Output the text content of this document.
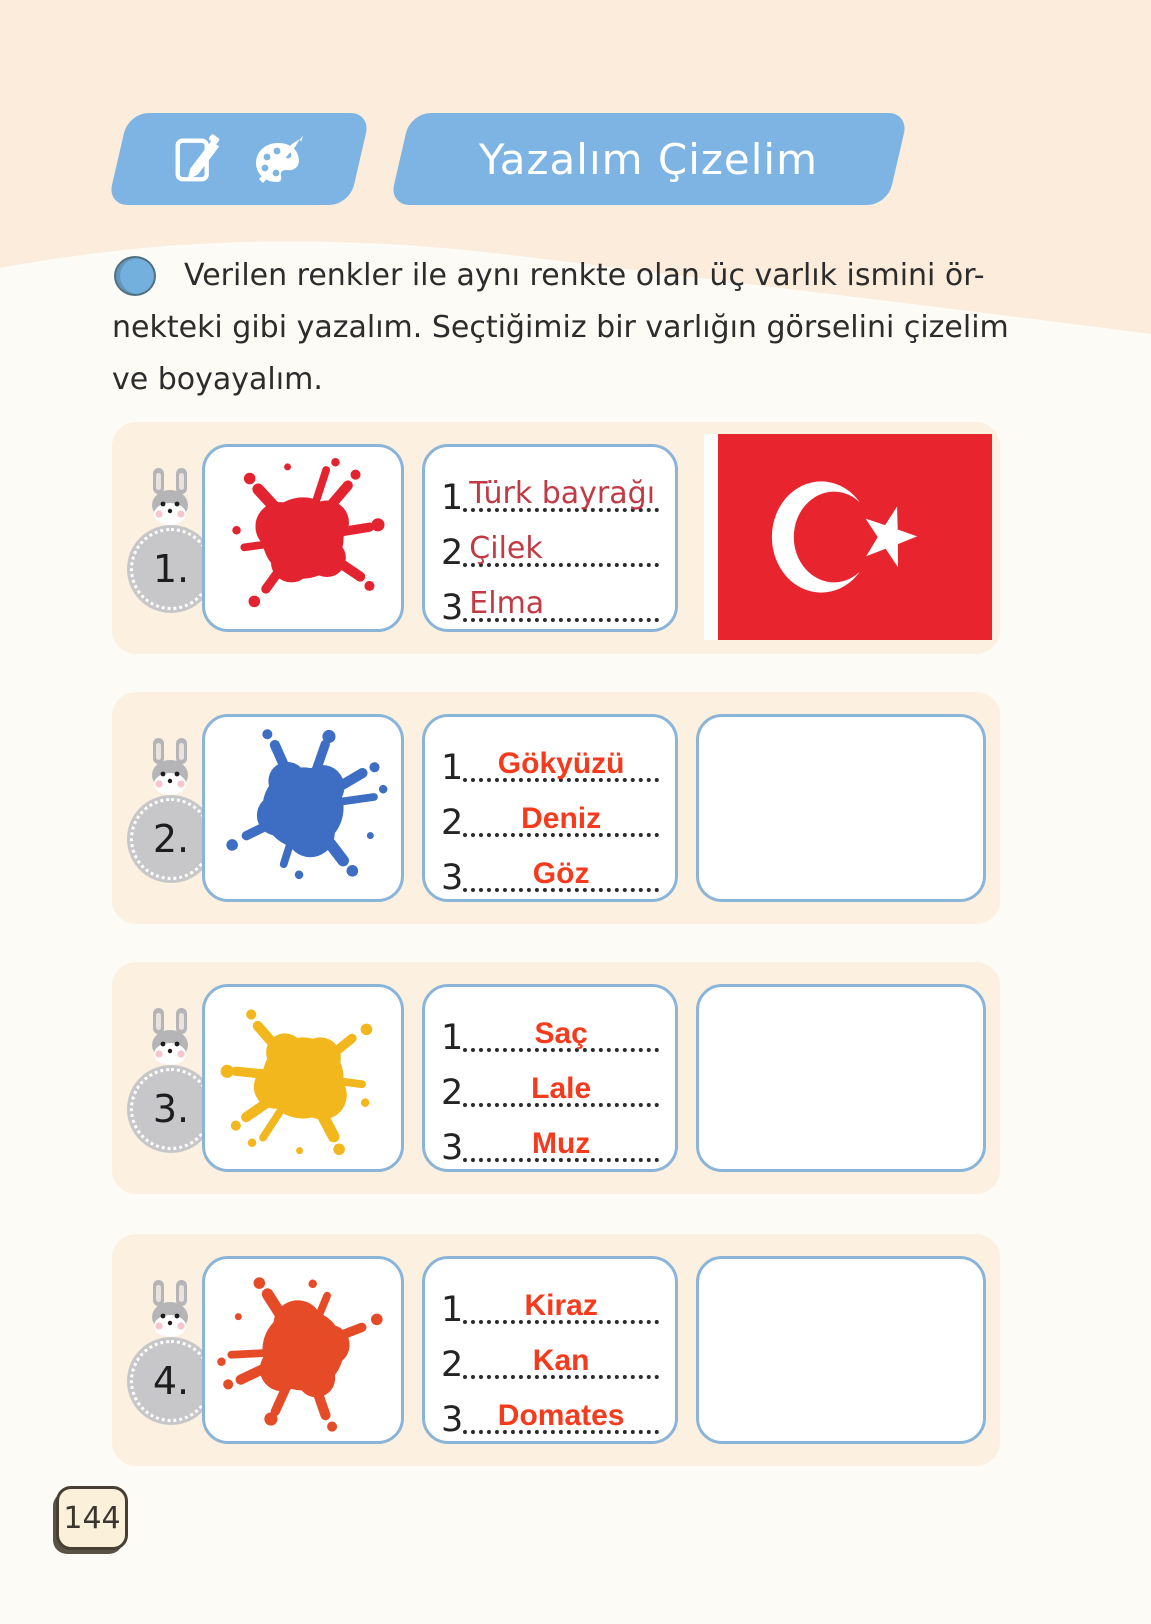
Yazalım Çizelim
Verilen renkler ile aynı renkte olan üç varlık ismini ör-
nekteki gibi yazalım. Seçtiğimiz bir varlığın görselini çizelim
ve boyayalım.
1.
1 Türk bayrağı
2 Çilek
3 Elma
2.
1	Gökyüzü
2	Deniz
3	Göz
3.
1	Saç
2	Lale
3	Muz
4.
1	Kiraz
2	Kan
3	Domates
144
